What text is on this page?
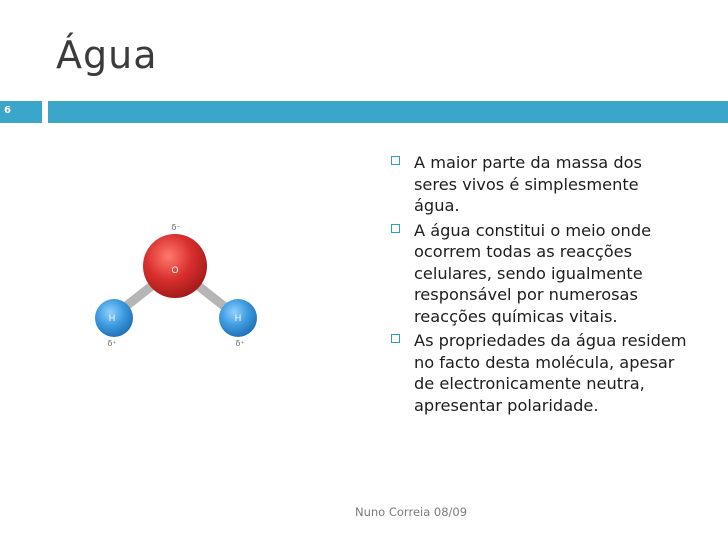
Água
6
O
H	H
δ⁻
δ⁺	δ⁺
A maior parte da massa dos seres vivos é simplesmente água.
A água constitui o meio onde ocorrem todas as reacções celulares, sendo igualmente responsável por numerosas reacções químicas vitais.
As propriedades da água residem no facto desta molécula, apesar de electronicamente neutra, apresentar polaridade.
Nuno Correia 08/09
